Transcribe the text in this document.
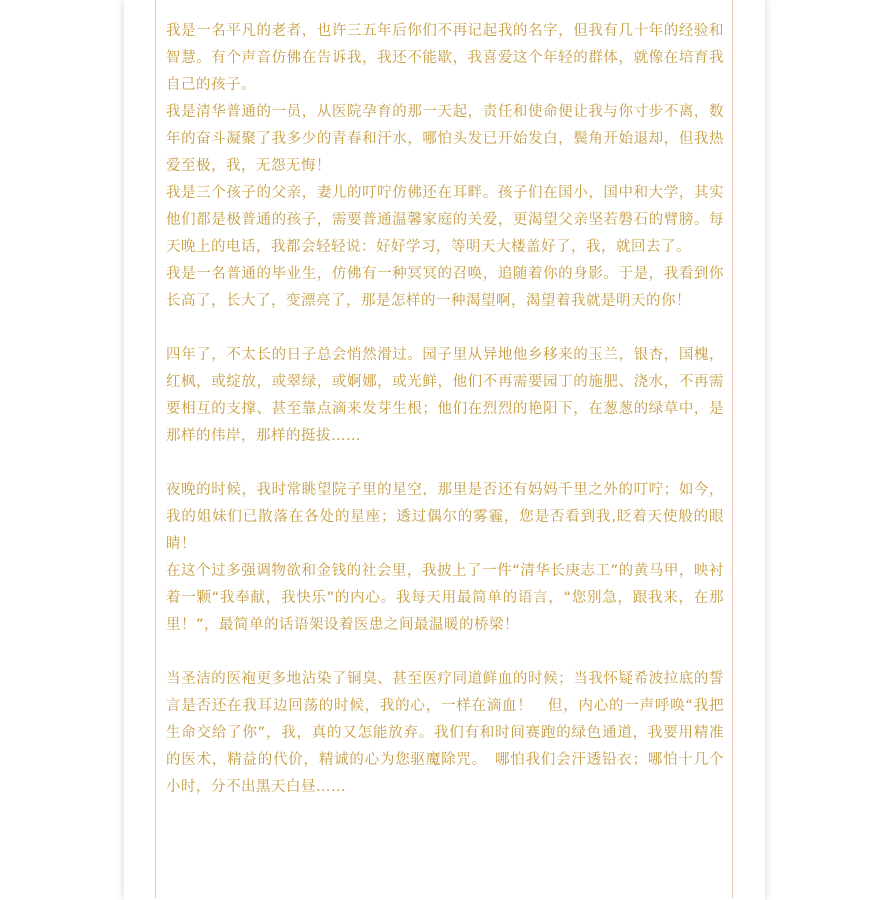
我是一名平凡的老者，也许三五年后你们不再记起我的名字，但我有几十年的经验和智慧。有个声音仿佛在告诉我，我还不能歇，我喜爱这个年轻的群体，就像在培育我自己的孩子。

我是清华普通的一员，从医院孕育的那一天起，责任和使命便让我与你寸步不离，数年的奋斗凝聚了我多少的青春和汗水，哪怕头发已开始发白，鬓角开始退却，但我热爱至极，我，无怨无悔！

我是三个孩子的父亲，妻儿的叮咛仿佛还在耳畔。孩子们在国小，国中和大学，其实他们都是极普通的孩子，需要普通温馨家庭的关爱，更渴望父亲坚若磐石的臂膀。每天晚上的电话，我都会轻轻说：好好学习，等明天大楼盖好了，我，就回去了。

我是一名普通的毕业生，仿佛有一种冥冥的召唤，追随着你的身影。于是，我看到你长高了，长大了，变漂亮了，那是怎样的一种渴望啊，渴望着我就是明天的你！

四年了，不太长的日子总会悄然滑过。园子里从异地他乡移来的玉兰，银杏，国槐，红枫，或绽放，或翠绿，或婀娜，或光鲜，他们不再需要园丁的施肥、浇水，不再需要相互的支撑、甚至靠点滴来发芽生根；他们在烈烈的艳阳下，在葱葱的绿草中，是那样的伟岸，那样的挺拔……

夜晚的时候，我时常眺望院子里的星空，那里是否还有妈妈千里之外的叮咛；如今，我的姐妹们已散落在各处的星座；透过偶尔的雾霾，您是否看到我,眨着天使般的眼睛！

在这个过多强调物欲和金钱的社会里，我披上了一件“清华长庚志工”的黄马甲，映衬着一颗“我奉献，我快乐”的内心。我每天用最简单的语言，“您别急，跟我来，在那里！”，最简单的话语架设着医患之间最温暖的桥梁！

当圣洁的医袍更多地沾染了铜臭、甚至医疗同道鲜血的时候；当我怀疑希波拉底的誓言是否还在我耳边回荡的时候，我的心，一样在滴血！　但，内心的一声呼唤“我把生命交给了你”，我，真的又怎能放弃。我们有和时间赛跑的绿色通道，我要用精准的医术，精益的代价，精诚的心为您驱魔除咒。　哪怕我们会汗透铅衣；哪怕十几个小时，分不出黑天白昼……
